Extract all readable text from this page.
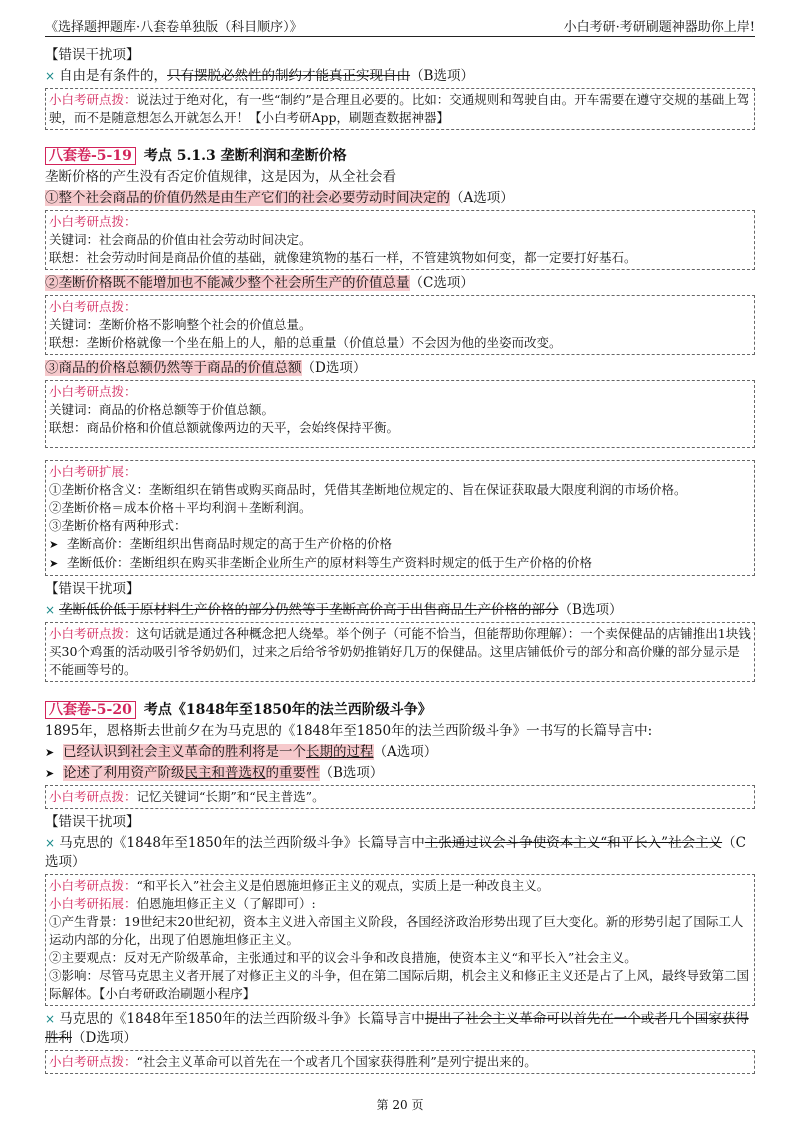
《选择题押题库·八套卷单独版（科目顺序）》	小白考研·考研刷题神器助你上岸!
【错误干扰项】
× 自由是有条件的，只有摆脱必然性的制约才能真正实现自由（B选项）
小白考研点拨：说法过于绝对化，有一些“制约”是合理且必要的。比如：交通规则和驾驶自由。开车需要在遵守交规的基础上驾驶，而不是随意想怎么开就怎么开！【小白考研App，刷题查数据神器】
八套卷-5-19 考点 5.1.3 垄断利润和垄断价格
垄断价格的产生没有否定价值规律，这是因为，从全社会看
①整个社会商品的价值仍然是由生产它们的社会必要劳动时间决定的（A选项）
小白考研点拨：
关键词：社会商品的价值由社会劳动时间决定。
联想：社会劳动时间是商品价值的基础，就像建筑物的基石一样，不管建筑物如何变，都一定要打好基石。
②垄断价格既不能增加也不能减少整个社会所生产的价值总量（C选项）
小白考研点拨：
关键词：垄断价格不影响整个社会的价值总量。
联想：垄断价格就像一个坐在船上的人，船的总重量（价值总量）不会因为他的坐姿而改变。
③商品的价格总额仍然等于商品的价值总额（D选项）
小白考研点拨：
关键词：商品的价格总额等于价值总额。
联想：商品价格和价值总额就像两边的天平，会始终保持平衡。
小白考研扩展：
①垄断价格含义：垄断组织在销售或购买商品时，凭借其垄断地位规定的、旨在保证获取最大限度利润的市场价格。
②垄断价格＝成本价格＋平均利润＋垄断利润。
③垄断价格有两种形式：
➤ 垄断高价：垄断组织出售商品时规定的高于生产价格的价格
➤ 垄断低价：垄断组织在购买非垄断企业所生产的原材料等生产资料时规定的低于生产价格的价格
【错误干扰项】
× 垄断低价低于原材料生产价格的部分仍然等于垄断高价高于出售商品生产价格的部分（B选项）
小白考研点拨：这句话就是通过各种概念把人绕晕。举个例子（可能不恰当，但能帮助你理解）：一个卖保健品的店铺推出1块钱买30个鸡蛋的活动吸引爷爷奶奶们，过来之后给爷爷奶奶推销好几万的保健品。这里店铺低价亏的部分和高价赚的部分显示是不能画等号的。
八套卷-5-20 考点《1848年至1850年的法兰西阶级斗争》
1895年，恩格斯去世前夕在为马克思的《1848年至1850年的法兰西阶级斗争》一书写的长篇导言中:
➤ 已经认识到社会主义革命的胜利将是一个长期的过程（A选项）
➤ 论述了利用资产阶级民主和普选权的重要性（B选项）
小白考研点拨：记忆关键词“长期”和“民主普选”。
【错误干扰项】
× 马克思的《1848年至1850年的法兰西阶级斗争》长篇导言中主张通过议会斗争使资本主义“和平长入”社会主义（C选项）
小白考研点拨：“和平长入”社会主义是伯恩施坦修正主义的观点，实质上是一种改良主义。
小白考研拓展：伯恩施坦修正主义（了解即可）:
①产生背景：19世纪末20世纪初，资本主义进入帝国主义阶段，各国经济政治形势出现了巨大变化。新的形势引起了国际工人运动内部的分化，出现了伯恩施坦修正主义。
②主要观点：反对无产阶级革命，主张通过和平的议会斗争和改良措施，使资本主义“和平长入”社会主义。
③影响：尽管马克思主义者开展了对修正主义的斗争，但在第二国际后期，机会主义和修正主义还是占了上风，最终导致第二国际解体。【小白考研政治刷题小程序】
× 马克思的《1848年至1850年的法兰西阶级斗争》长篇导言中提出了社会主义革命可以首先在一个或者几个国家获得胜利（D选项）
小白考研点拨：“社会主义革命可以首先在一个或者几个国家获得胜利”是列宁提出来的。
第 20 页
